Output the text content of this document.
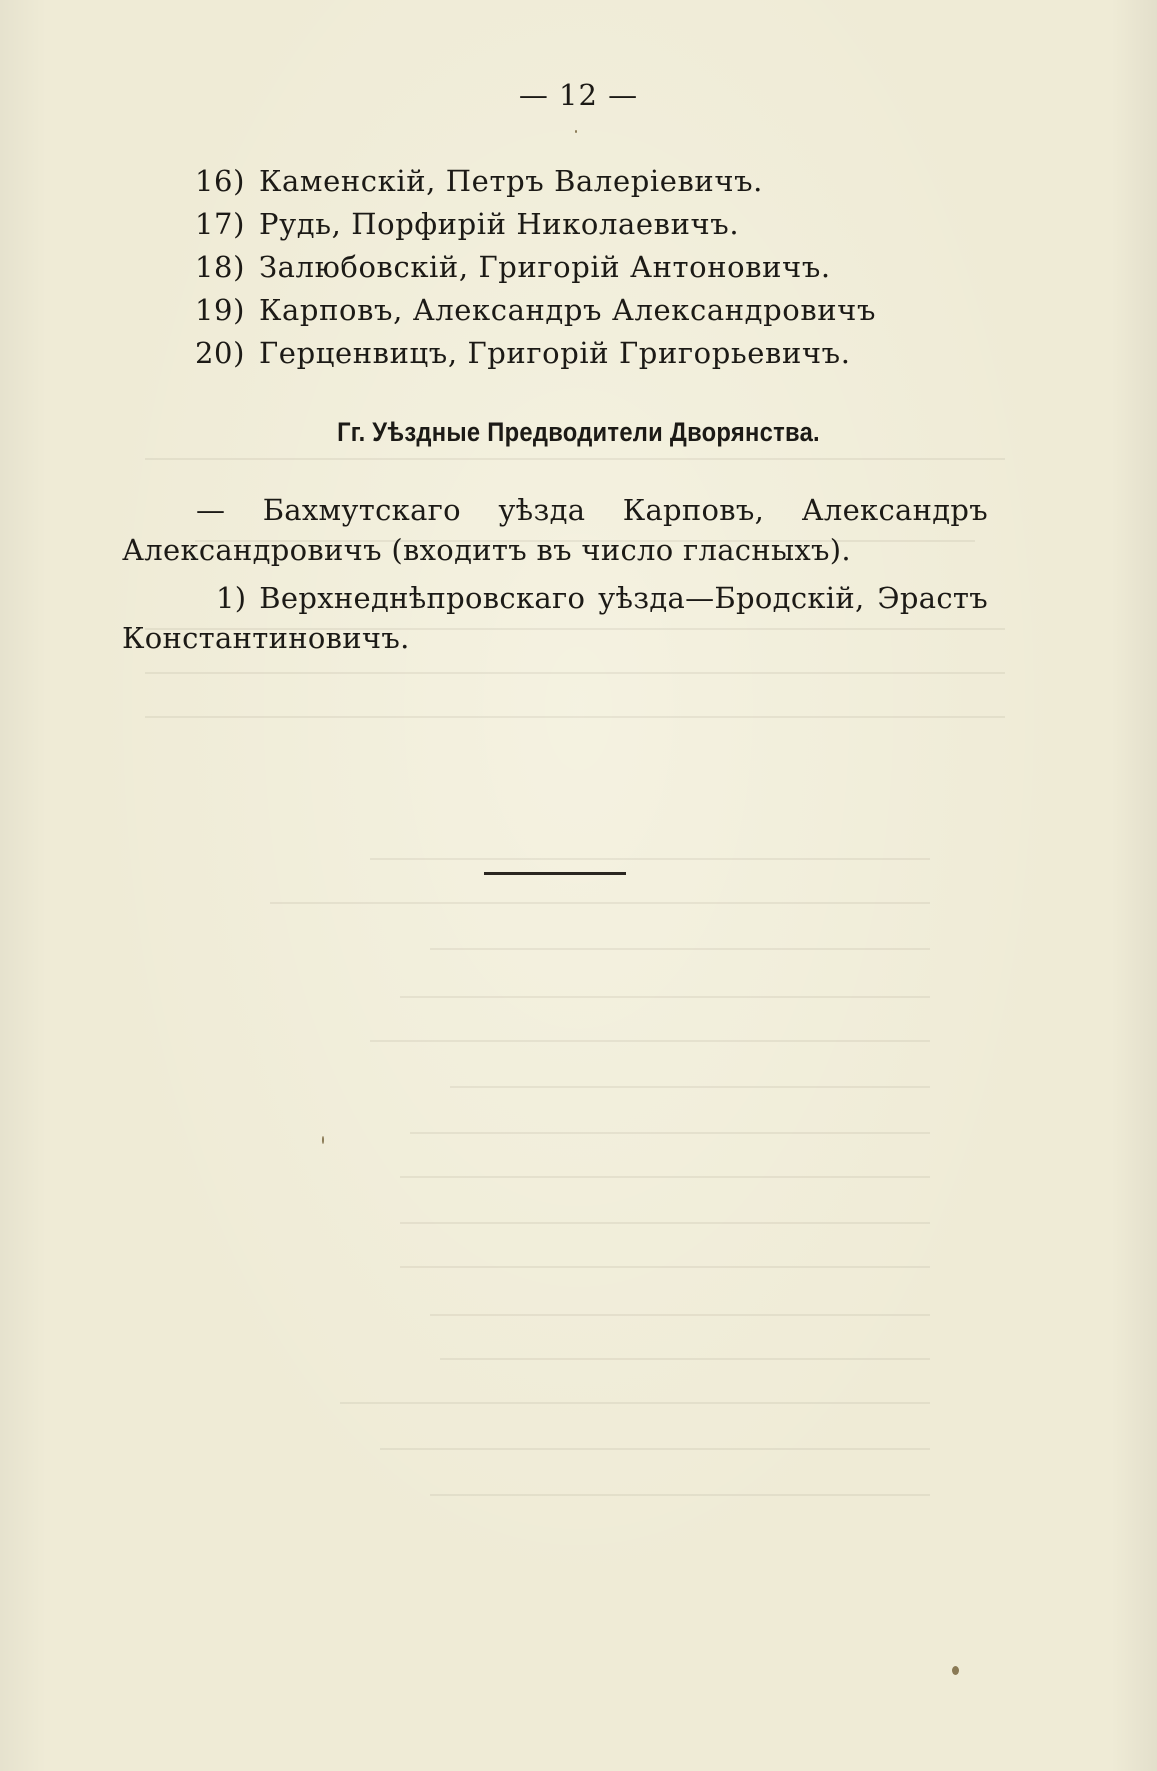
— 12 —
16) Каменскій, Петръ Валеріевичъ.
17) Рудь, Порфирій Николаевичъ.
18) Залюбовскій, Григорій Антоновичъ.
19) Карповъ, Александръ Александровичъ
20) Герценвицъ, Григорій Григорьевичъ.
Гг. Уѣздные Предводители Дворянства.

— Бахмутскаго уѣзда Карповъ, Александръ Александровичъ (входитъ въ число гласныхъ).

1) Верхнеднѣпровскаго уѣзда—Бродскій, Эрастъ Константиновичъ.
